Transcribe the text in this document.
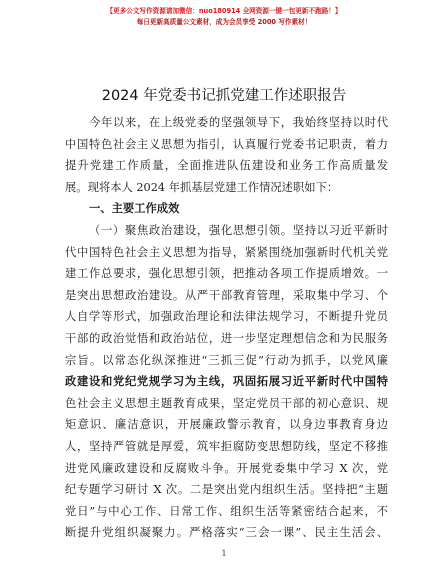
【更多公文写作资源请加微信：nuo180914 全网资源一键一包更新不跑路！】
每日更新高质量公文素材，成为会员享受 2000 写作素材！
2024 年党委书记抓党建工作述职报告
今年以来，在上级党委的坚强领导下，我始终坚持以时代
中国特色社会主义思想为指引，认真履行党委书记职责，着力
提升党建工作质量，全面推进队伍建设和业务工作高质量发
展。现将本人 2024 年抓基层党建工作情况述职如下：
一、主要工作成效
（一）聚焦政治建设，强化思想引领。坚持以习近平新时
代中国特色社会主义思想为指导，紧紧围绕加强新时代机关党
建工作总要求，强化思想引领，把推动各项工作提质增效。一
是突出思想政治建设。从严干部教育管理，采取集中学习、个
人自学等形式，加强政治理论和法律法规学习，不断提升党员
干部的政治觉悟和政治站位，进一步坚定理想信念和为民服务
宗旨。以常态化纵深推进“三抓三促”行动为抓手，以党风廉
政建设和党纪党规学习为主线，巩固拓展习近平新时代中国特
色社会主义思想主题教育成果，坚定党员干部的初心意识、规
矩意识、廉洁意识，开展廉政警示教育，以身边事教育身边
人，坚持严管就是厚爱，筑牢拒腐防变思想防线，坚定不移推
进党风廉政建设和反腐败斗争。开展党委集中学习 X 次，党
纪专题学习研讨 X 次。二是突出党内组织生活。坚持把“主题
党日”与中心工作、日常工作、组织生活等紧密结合起来，不
断提升党组织凝聚力。严格落实“三会一课”、民主生活会、
1
